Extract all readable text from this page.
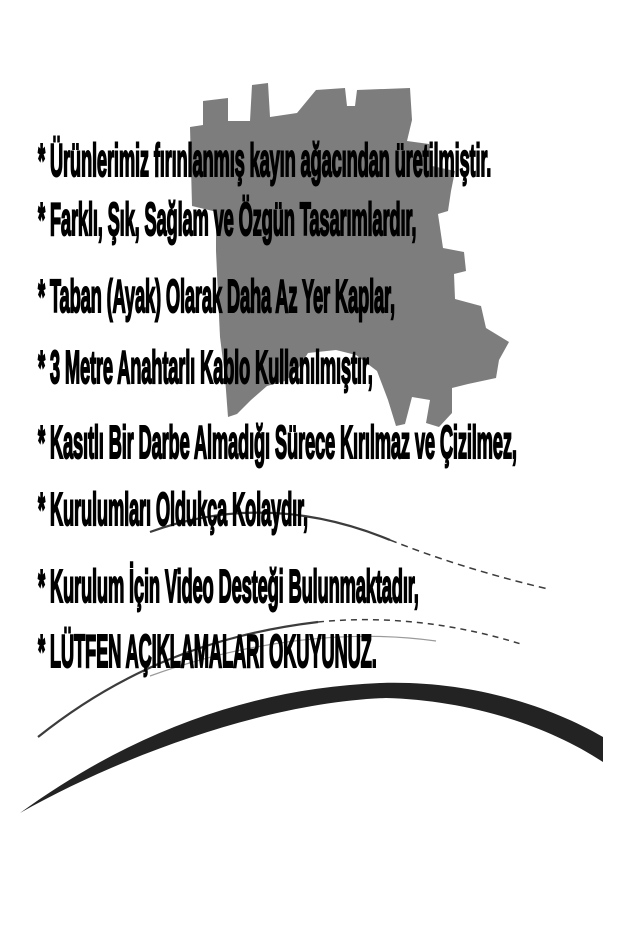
* Ürünlerimiz fırınlanmış kayın ağacından üretilmiştir.
* Farklı, Şık, Sağlam ve Özgün Tasarımlardır,
* Taban (Ayak) Olarak Daha Az Yer Kaplar,
* 3 Metre Anahtarlı Kablo Kullanılmıştır,
* Kasıtlı Bir Darbe Almadığı Sürece Kırılmaz ve Çizilmez,
* Kurulumları Oldukça Kolaydır,
* Kurulum İçin Video Desteği Bulunmaktadır,
* LÜTFEN AÇIKLAMALARI OKUYUNUZ.
